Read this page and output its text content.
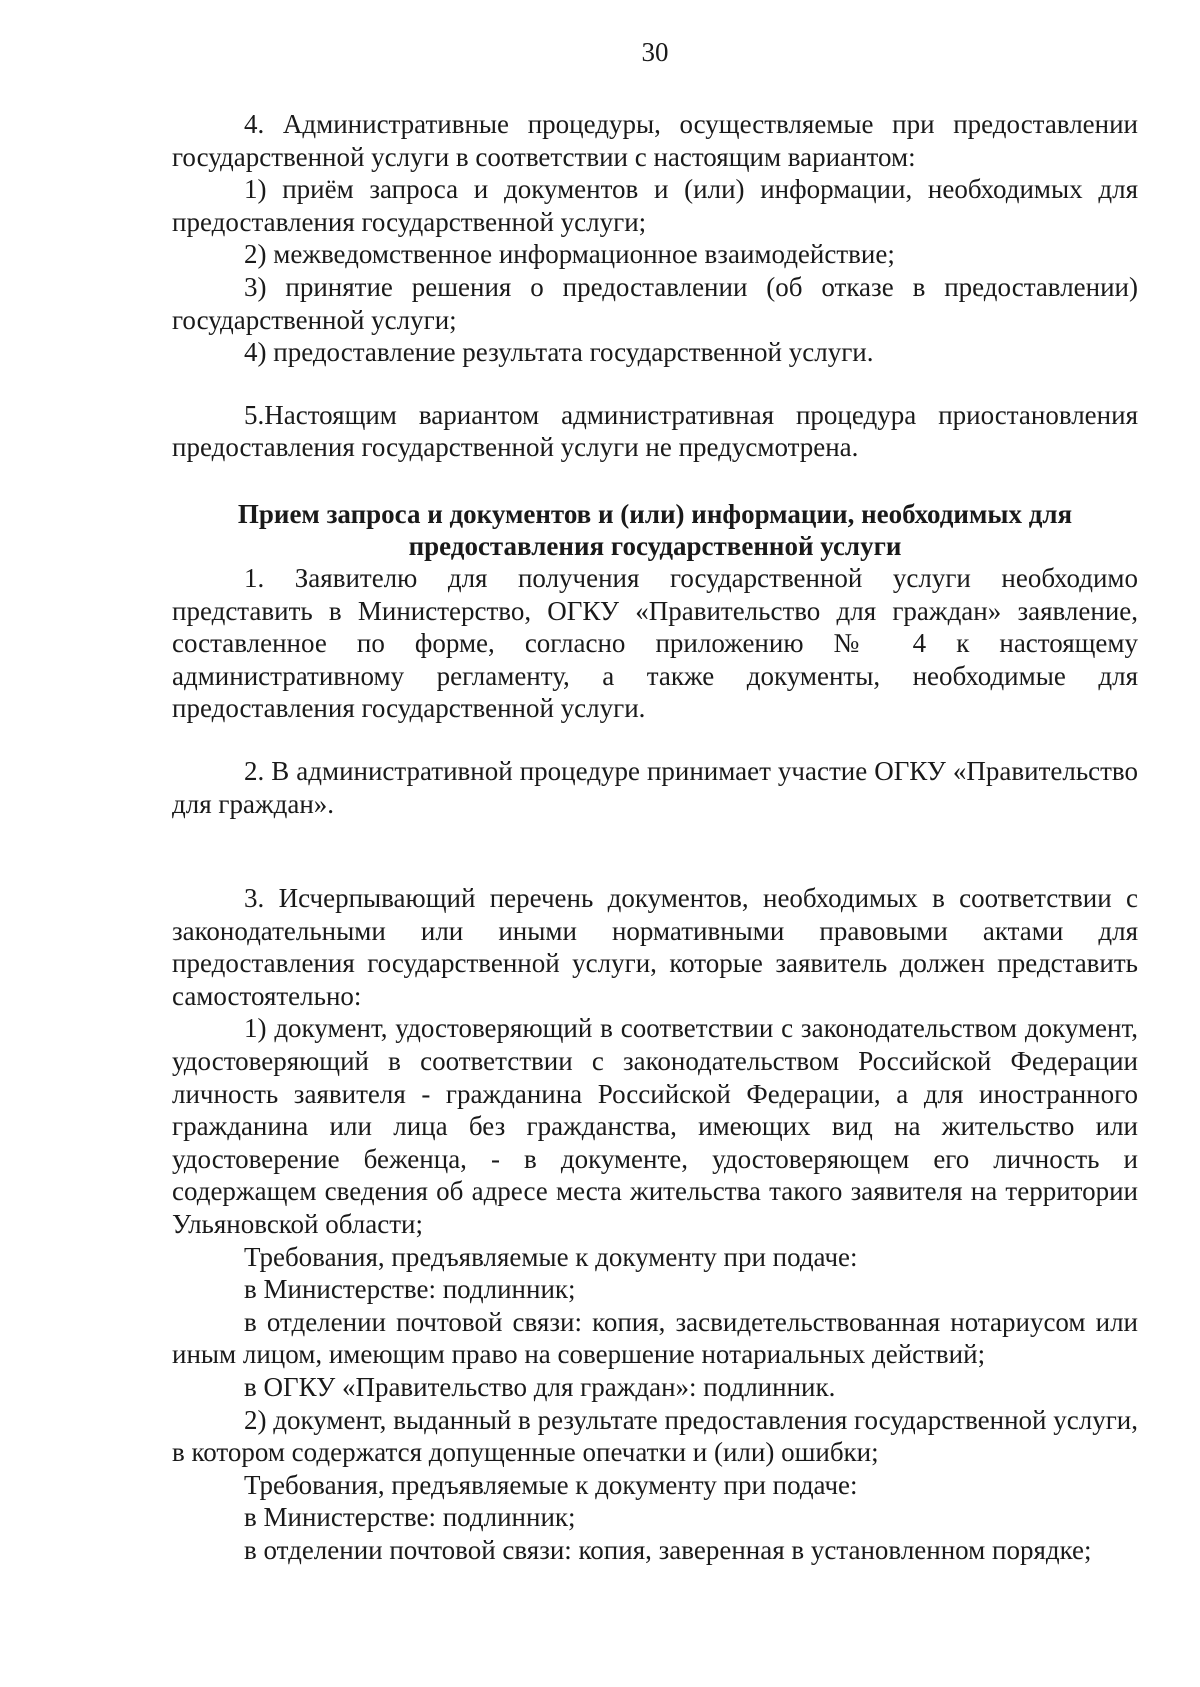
30

4. Административные процедуры, осуществляемые при предоставлении государственной услуги в соответствии с настоящим вариантом:

1) приём запроса и документов и (или) информации, необходимых для предоставления государственной услуги;

2) межведомственное информационное взаимодействие;

3) принятие решения о предоставлении (об отказе в предоставлении) государственной услуги;

4) предоставление результата государственной услуги.

5.Настоящим вариантом административная процедура приостановления предоставления государственной услуги не предусмотрена.

Прием запроса и документов и (или) информации, необходимых для
предоставления государственной услуги

1. Заявителю для получения государственной услуги необходимо представить в Министерство, ОГКУ «Правительство для граждан» заявление, составленное по форме, согласно приложению № 4 к настоящему административному регламенту, а также документы, необходимые для предоставления государственной услуги.

2. В административной процедуре принимает участие ОГКУ «Правительство для граждан».

3. Исчерпывающий перечень документов, необходимых в соответствии с законодательными или иными нормативными правовыми актами для предоставления государственной услуги, которые заявитель должен представить самостоятельно:

1) документ, удостоверяющий в соответствии с законодательством документ, удостоверяющий в соответствии с законодательством Российской Федерации личность заявителя - гражданина Российской Федерации, а для иностранного гражданина или лица без гражданства, имеющих вид на жительство или удостоверение беженца, - в документе, удостоверяющем его личность и содержащем сведения об адресе места жительства такого заявителя на территории Ульяновской области;

Требования, предъявляемые к документу при подаче:

в Министерстве: подлинник;

в отделении почтовой связи: копия, засвидетельствованная нотариусом или иным лицом, имеющим право на совершение нотариальных действий;

в ОГКУ «Правительство для граждан»: подлинник.

2) документ, выданный в результате предоставления государственной услуги, в котором содержатся допущенные опечатки и (или) ошибки;

Требования, предъявляемые к документу при подаче:

в Министерстве: подлинник;

в отделении почтовой связи: копия, заверенная в установленном порядке;
